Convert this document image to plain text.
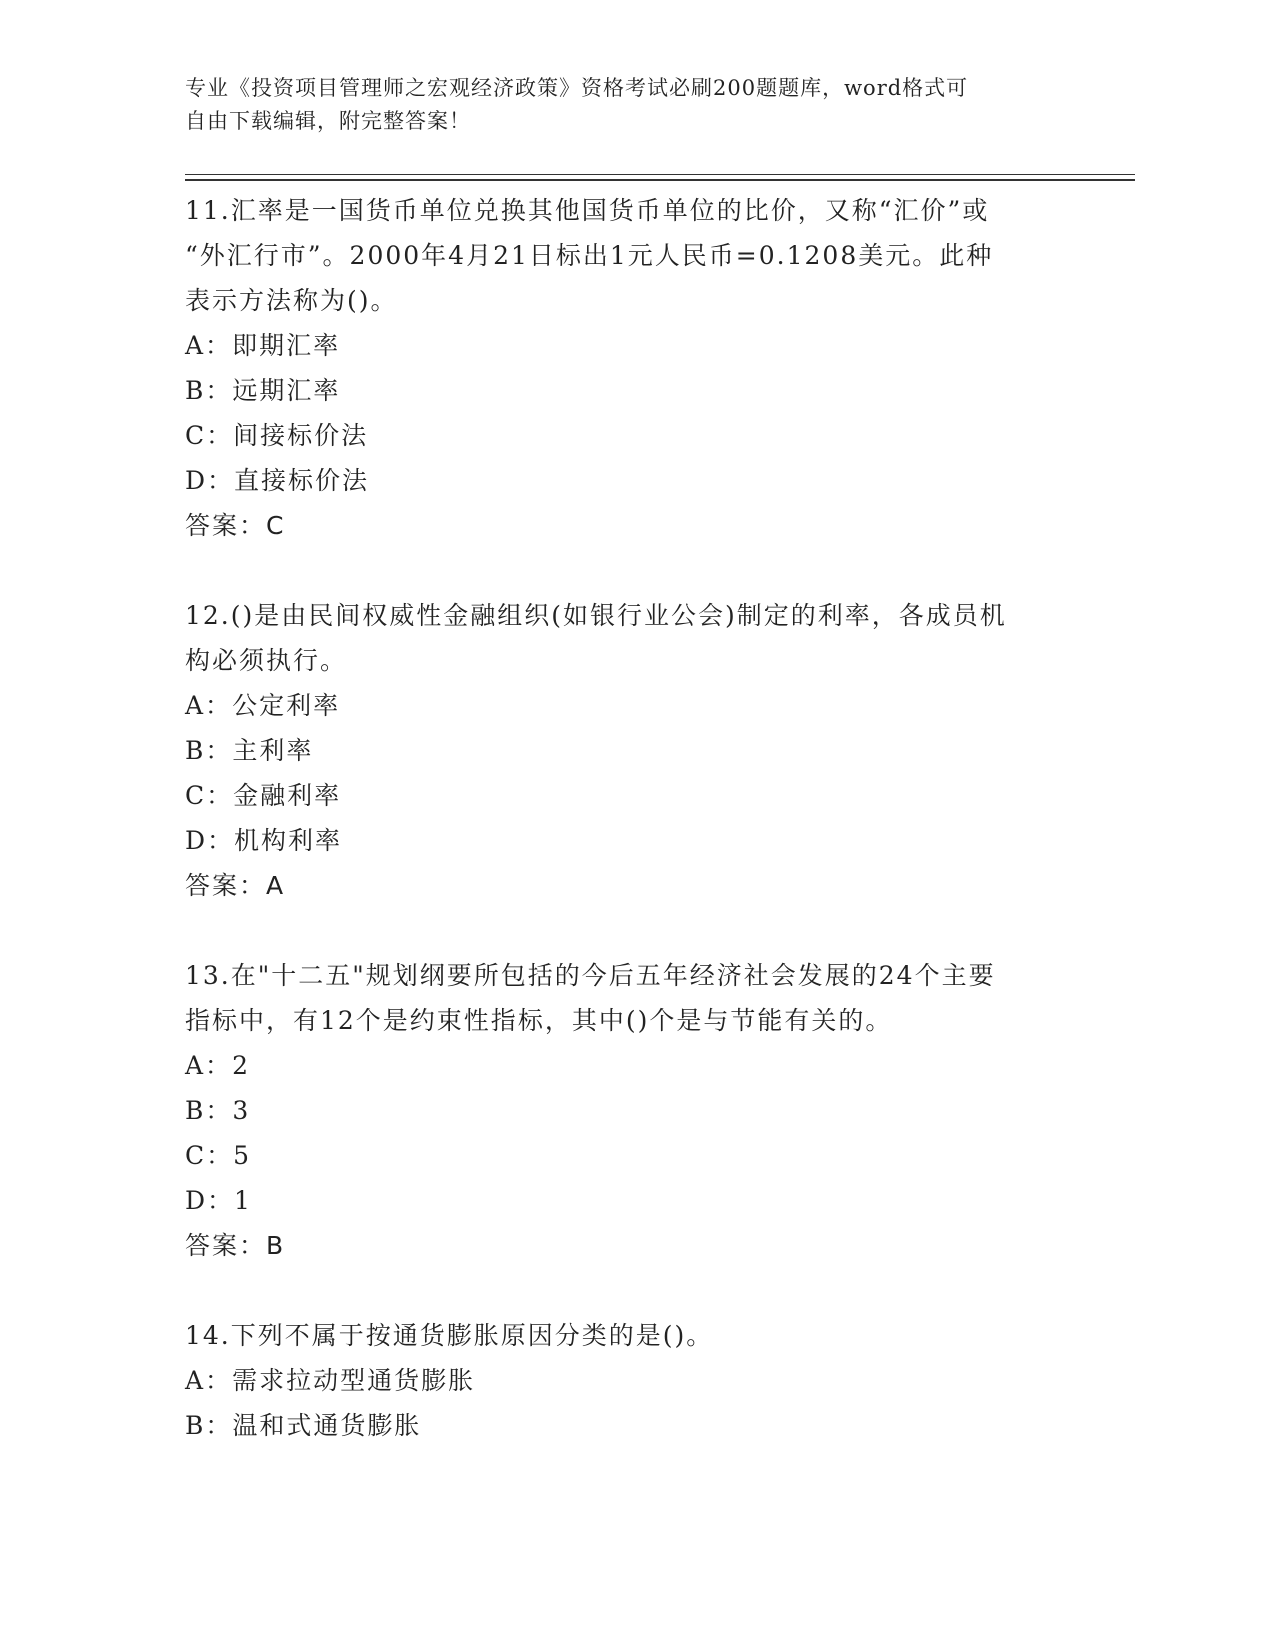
专业《投资项目管理师之宏观经济政策》资格考试必刷200题题库，word格式可
自由下载编辑，附完整答案！

11.汇率是一国货币单位兑换其他国货币单位的比价，又称“汇价”或

“外汇行市”。2000年4月21日标出1元人民币=0.1208美元。此种

表示方法称为()。

A： 即期汇率

B： 远期汇率

C： 间接标价法

D： 直接标价法

答案：C

12.()是由民间权威性金融组织(如银行业公会)制定的利率，各成员机

构必须执行。

A： 公定利率

B： 主利率

C： 金融利率

D： 机构利率

答案：A

13.在"十二五"规划纲要所包括的今后五年经济社会发展的24个主要

指标中，有12个是约束性指标，其中()个是与节能有关的。

A： 2

B： 3

C： 5

D： 1

答案：B

14.下列不属于按通货膨胀原因分类的是()。

A： 需求拉动型通货膨胀

B： 温和式通货膨胀
